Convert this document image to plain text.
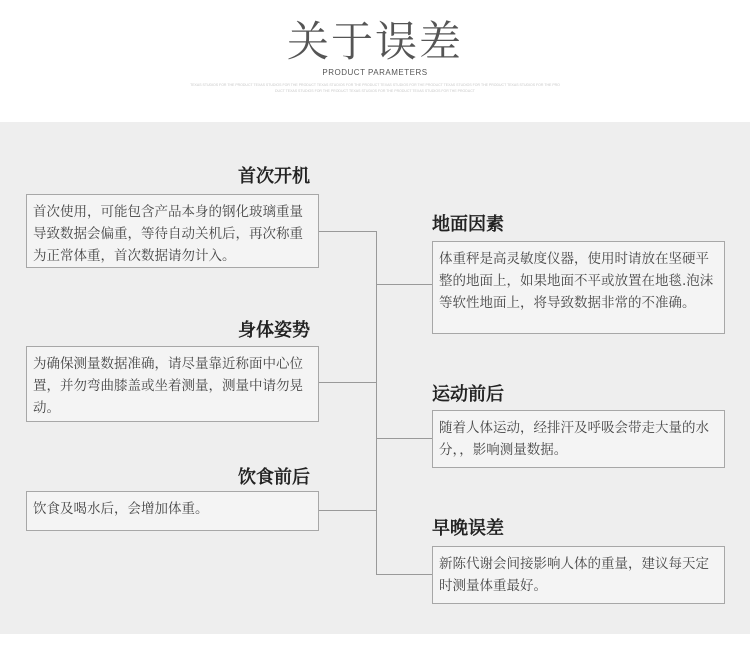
关于误差
PRODUCT PARAMETERS
TEXAS STUDIOS FOR THE PRODUCT TEXAS STUDIOS FOR THE PRODUCT TEXAS STUDIOS FOR THE PRODUCT TEXAS STUDIOS FOR THE PRODUCT TEXAS STUDIOS FOR THE PRODUCT TEXAS STUDIOS FOR THE PRODUCT TEXAS STUDIOS FOR THE PRODUCT TEXAS STUDIOS FOR THE PRODUCT TEXAS STUDIOS FOR THE PRODUCT
首次开机
首次使用，可能包含产品本身的钢化玻璃重量导致数据会偏重，等待自动关机后，再次称重为正常体重，首次数据请勿计入。
身体姿势
为确保测量数据准确，请尽量靠近称面中心位置，并勿弯曲膝盖或坐着测量，测量中请勿晃动。
饮食前后
饮食及喝水后，会增加体重。
地面因素
体重秤是高灵敏度仪器，使用时请放在坚硬平整的地面上，如果地面不平或放置在地毯.泡沫等软性地面上，将导致数据非常的不准确。
运动前后
随着人体运动，经排汗及呼吸会带走大量的水分，，影响测量数据。
早晚误差
新陈代谢会间接影响人体的重量，建议每天定时测量体重最好。
